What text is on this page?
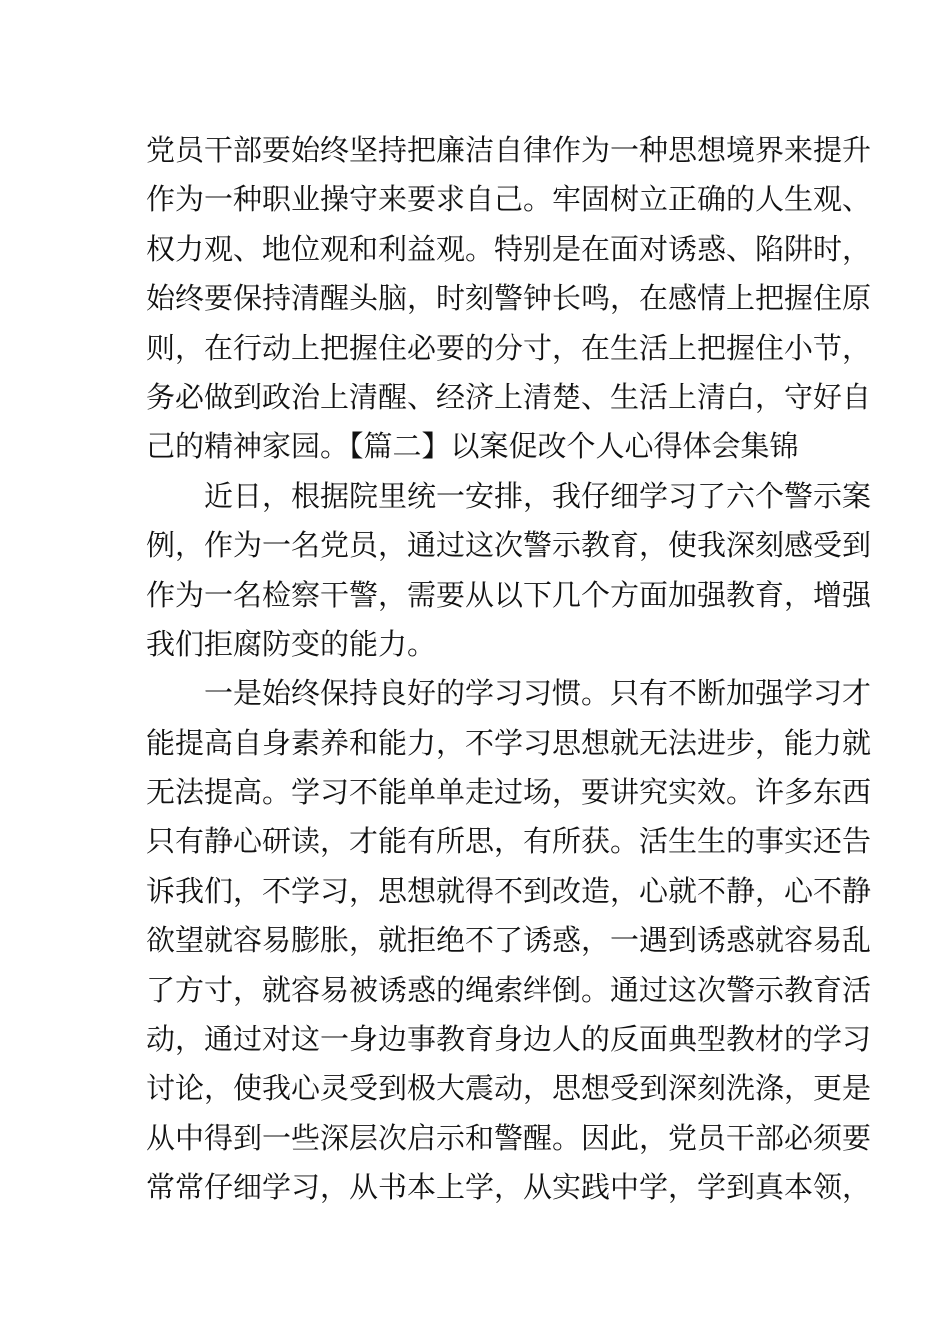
党员干部要始终坚持把廉洁自律作为一种思想境界来提升
作为一种职业操守来要求自己。牢固树立正确的人生观、
权力观、地位观和利益观。特别是在面对诱惑、陷阱时，
始终要保持清醒头脑，时刻警钟长鸣，在感情上把握住原
则，在行动上把握住必要的分寸，在生活上把握住小节，
务必做到政治上清醒、经济上清楚、生活上清白，守好自
己的精神家园。【篇二】以案促改个人心得体会集锦
近日，根据院里统一安排，我仔细学习了六个警示案
例，作为一名党员，通过这次警示教育，使我深刻感受到
作为一名检察干警，需要从以下几个方面加强教育，增强
我们拒腐防变的能力。
一是始终保持良好的学习习惯。只有不断加强学习才
能提高自身素养和能力，不学习思想就无法进步，能力就
无法提高。学习不能单单走过场，要讲究实效。许多东西
只有静心研读，才能有所思，有所获。活生生的事实还告
诉我们，不学习，思想就得不到改造，心就不静，心不静
欲望就容易膨胀，就拒绝不了诱惑，一遇到诱惑就容易乱
了方寸，就容易被诱惑的绳索绊倒。通过这次警示教育活
动，通过对这一身边事教育身边人的反面典型教材的学习
讨论，使我心灵受到极大震动，思想受到深刻洗涤，更是
从中得到一些深层次启示和警醒。因此，党员干部必须要
常常仔细学习，从书本上学，从实践中学，学到真本领，
